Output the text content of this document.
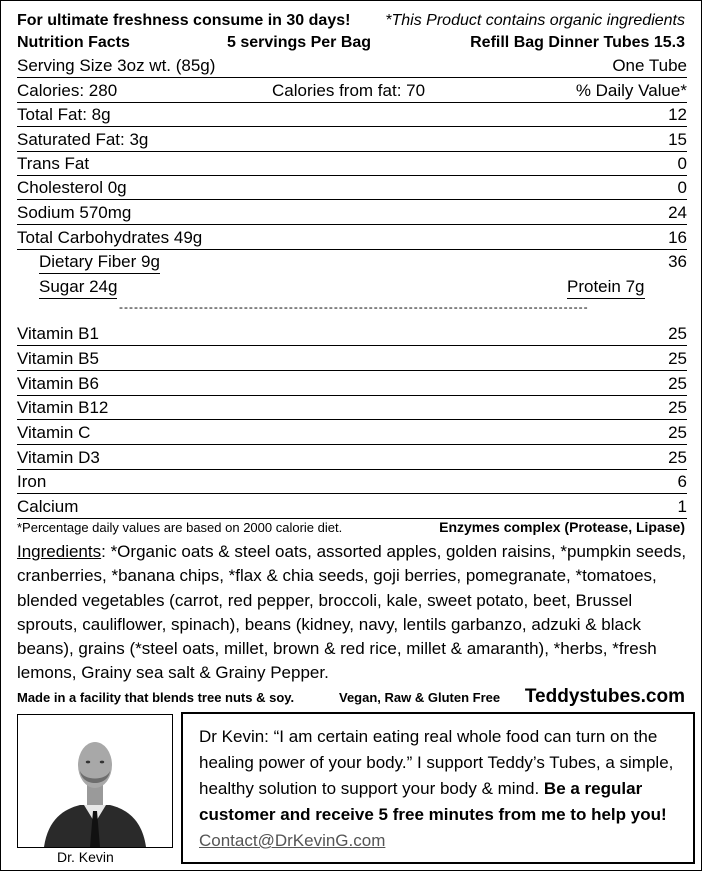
For ultimate freshness consume in 30 days! *This Product contains organic ingredients
Nutrition Facts	5 servings Per Bag	Refill Bag Dinner Tubes 15.3
Serving Size 3oz wt. (85g)	One Tube
Calories: 280	Calories from fat: 70	% Daily Value*
Total Fat: 8g	12
Saturated Fat: 3g	15
Trans Fat	0
Cholesterol 0g	0
Sodium 570mg	24
Total Carbohydrates 49g	16
Dietary Fiber 9g	36
Sugar 24g	Protein 7g
----------------------------------------------------------------------------------------------
Vitamin B1	25
Vitamin B5	25
Vitamin B6	25
Vitamin B12	25
Vitamin C	25
Vitamin D3	25
Iron	6
Calcium	1
*Percentage daily values are based on 2000 calorie diet.	Enzymes complex (Protease, Lipase)
Ingredients: *Organic oats & steel oats, assorted apples, golden raisins, *pumpkin seeds, cranberries, *banana chips, *flax & chia seeds, goji berries, pomegranate, *tomatoes, blended vegetables (carrot, red pepper, broccoli, kale, sweet potato, beet, Brussel sprouts, cauliflower, spinach), beans (kidney, navy, lentils garbanzo, adzuki & black beans), grains (*steel oats, millet, brown & red rice, millet & amaranth), *herbs, *fresh lemons, Grainy sea salt & Grainy Pepper.
Made in a facility that blends tree nuts & soy.	Vegan, Raw & Gluten Free Teddystubes.com
Dr. Kevin
Dr Kevin: “I am certain eating real whole food can turn on the healing power of your body.” I support Teddy’s Tubes, a simple, healthy solution to support your body & mind. Be a regular customer and receive 5 free minutes from me to help you! Contact@DrKevinG.com
